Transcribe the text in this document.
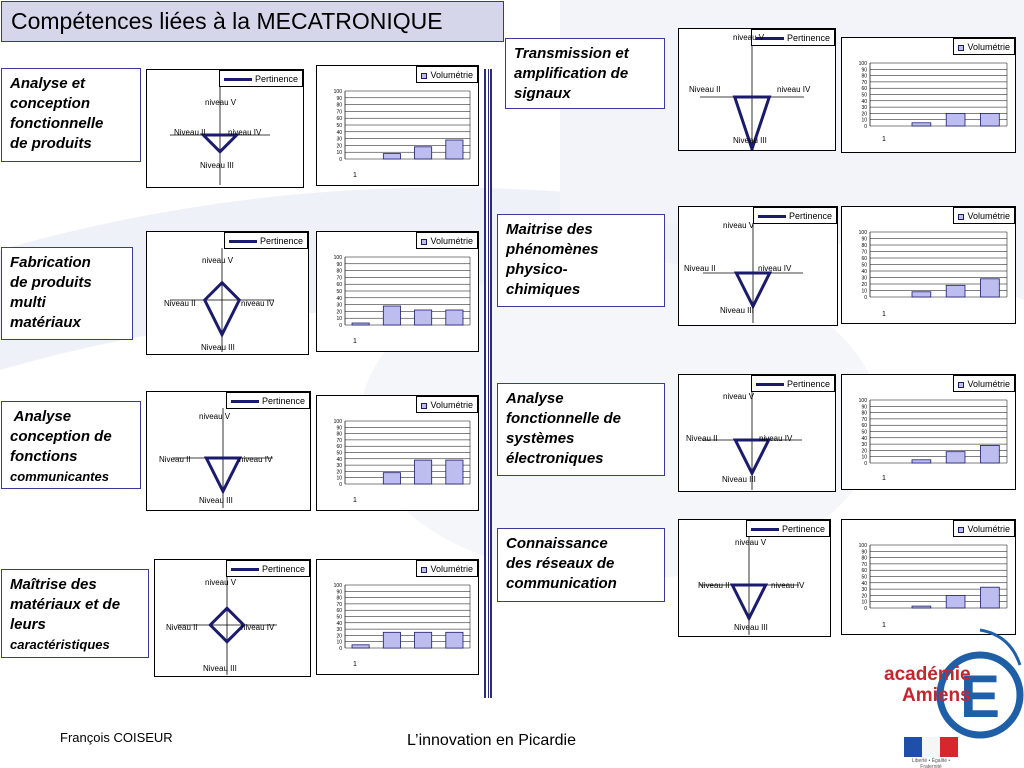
Compétences liées à la MECATRONIQUE
Analyse et
conception
fonctionnelle
de produits
Fabrication
de produits
multi
matériaux
Analyse
conception de
fonctions
communicantes
Maîtrise des
matériaux et de
leurs
caractéristiques
Transmission et
amplification de
signaux
Maitrise des
phénomènes
physico-
chimiques
Analyse
fonctionnelle de
systèmes
électroniques
Connaissance
des réseaux de
communication
Pertinence
niveau V
Niveau II	niveau IV
Niveau III
Pertinence
niveau V
Niveau II	niveau IV
Niveau III
Pertinence
niveau V
Niveau II	niveau IV
Niveau III
Pertinence
niveau V
Niveau II	niveau IV
Niveau III
Pertinence
niveau V
Niveau II	niveau IV
Niveau III
Pertinence
niveau V
Niveau II	niveau IV
Niveau III
Pertinence
niveau V
Niveau II	niveau IV
Niveau III
Pertinence
niveau V
Niveau II	niveau IV
Niveau III
100
90
80
70
60
50
40
30
20
10
0
Volumétrie
1
100
90
80
70
60
50
40
30
20
10
0
Volumétrie
1
100
90
80
70
60
50
40
30
20
10
0
Volumétrie
1
100
90
80
70
60
50
40
30
20
10
0
Volumétrie
1
100
90
80
70
60
50
40
30
20
10
0
Volumétrie
1
100
90
80
70
60
50
40
30
20
10
0
Volumétrie
1
100
90
80
70
60
50
40
30
20
10
0
Volumétrie
1
100
90
80
70
60
50
40
30
20
10
0
Volumétrie
1
François COISEUR	L’innovation en Picardie
E
académie
Amiens
Liberté • Égalité • Fraternité
